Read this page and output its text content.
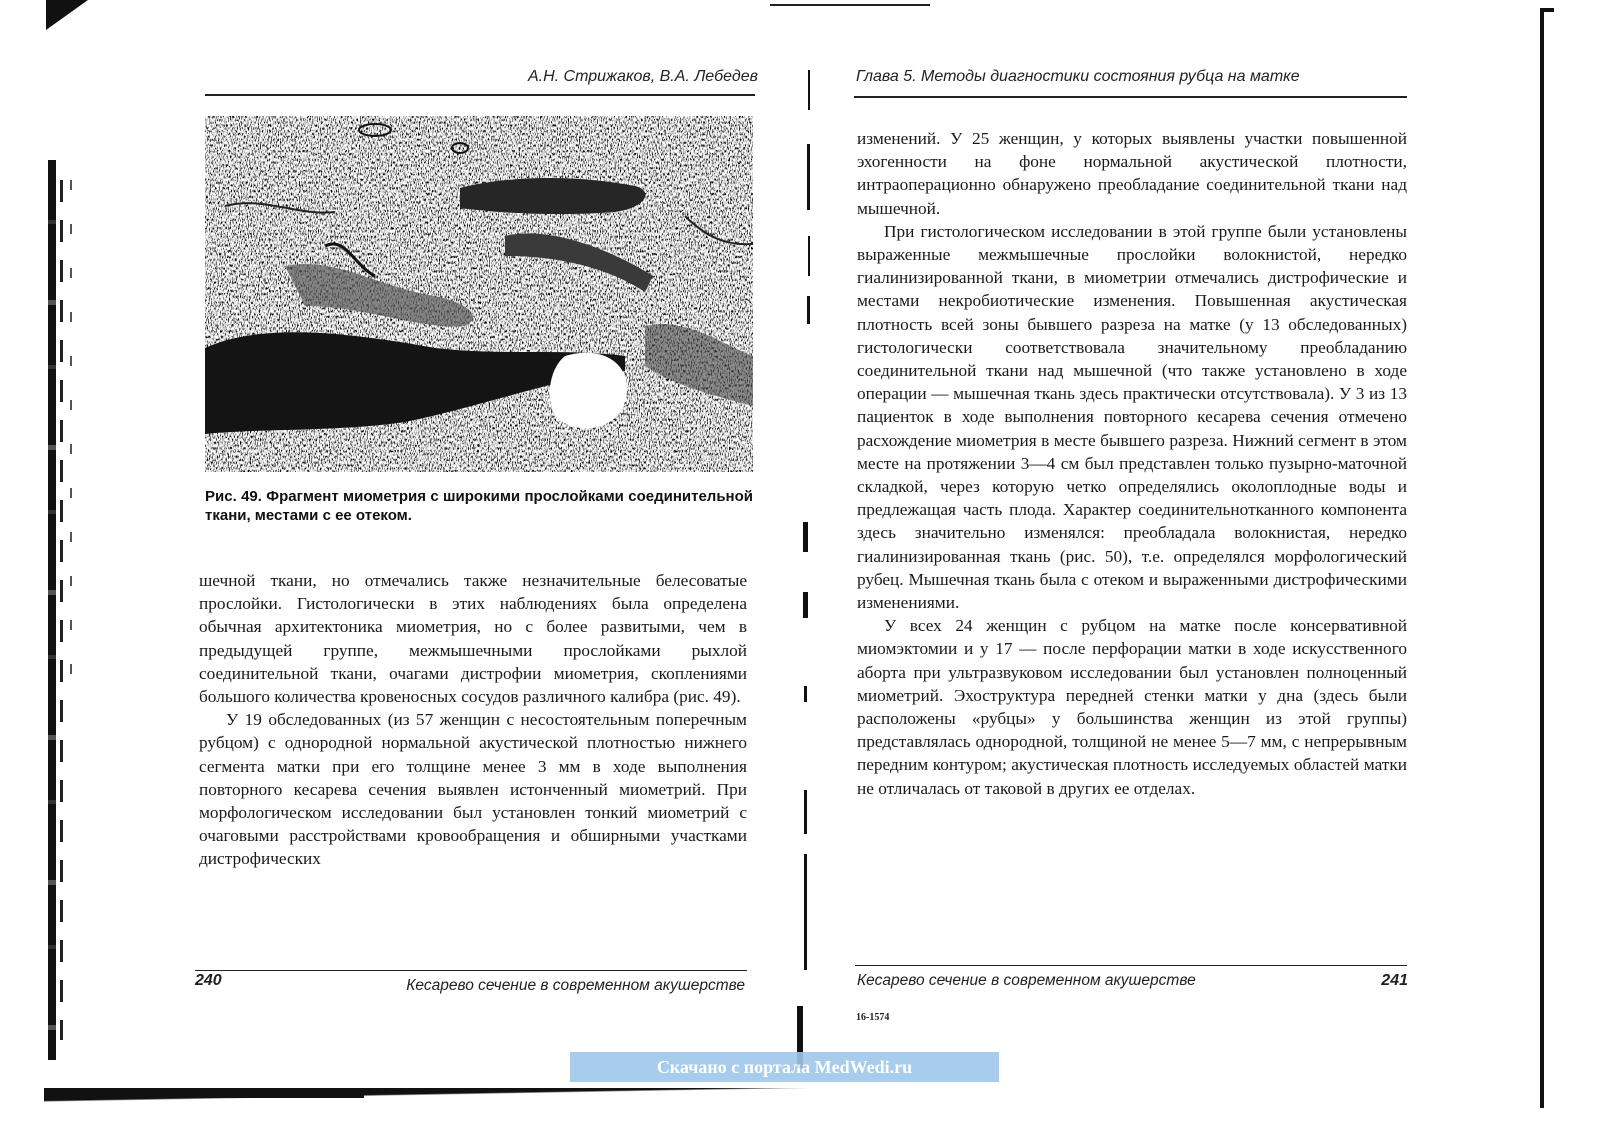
А.Н. Стрижаков, В.А. Лебедев
Рис. 49. Фрагмент миометрия с широкими прослойками соединительной ткани, местами с ее отеком.

шечной ткани, но отмечались также незначительные белесоватые прослойки. Гистологически в этих наблюдениях была определена обычная архитектоника миометрия, но с более развитыми, чем в предыдущей группе, межмышечными прослойками рыхлой соединительной ткани, очагами дистрофии миометрия, скоплениями большого количества кровеносных сосудов различного калибра (рис. 49).

У 19 обследованных (из 57 женщин с несостоятельным поперечным рубцом) с однородной нормальной акустической плотностью нижнего сегмента матки при его толщине менее 3 мм в ходе выполнения повторного кесарева сечения выявлен истонченный миометрий. При морфологическом исследовании был установлен тонкий миометрий с очаговыми расстройствами кровообращения и обширными участками дистрофических

240	Кесарево сечение в современном акушерстве
Глава 5. Методы диагностики состояния рубца на матке

изменений. У 25 женщин, у которых выявлены участки повышенной эхогенности на фоне нормальной акустической плотности, интраоперационно обнаружено преобладание соединительной ткани над мышечной.

При гистологическом исследовании в этой группе были установлены выраженные межмышечные прослойки волокнистой, нередко гиалинизированной ткани, в миометрии отмечались дистрофические и местами некробиотические изменения. Повышенная акустическая плотность всей зоны бывшего разреза на матке (у 13 обследованных) гистологически соответствовала значительному преобладанию соединительной ткани над мышечной (что также установлено в ходе операции — мышечная ткань здесь практически отсутствовала). У 3 из 13 пациенток в ходе выполнения повторного кесарева сечения отмечено расхождение миометрия в месте бывшего разреза. Нижний сегмент в этом месте на протяжении 3—4 см был представлен только пузырно-маточной складкой, через которую четко определялись околоплодные воды и предлежащая часть плода. Характер соединительнотканного компонента здесь значительно изменялся: преобладала волокнистая, нередко гиалинизированная ткань (рис. 50), т.е. определялся морфологический рубец. Мышечная ткань была с отеком и выраженными дистрофическими изменениями.

У всех 24 женщин с рубцом на матке после консервативной миомэктомии и у 17 — после перфорации матки в ходе искусственного аборта при ультразвуковом исследовании был установлен полноценный миометрий. Эхоструктура передней стенки матки у дна (здесь были расположены «рубцы» у большинства женщин из этой группы) представлялась однородной, толщиной не менее 5—7 мм, с непрерывным передним контуром; акустическая плотность исследуемых областей матки не отличалась от таковой в других ее отделах.

Кесарево сечение в современном акушерстве	241
16-1574
Скачано с портала MedWedi.ru
